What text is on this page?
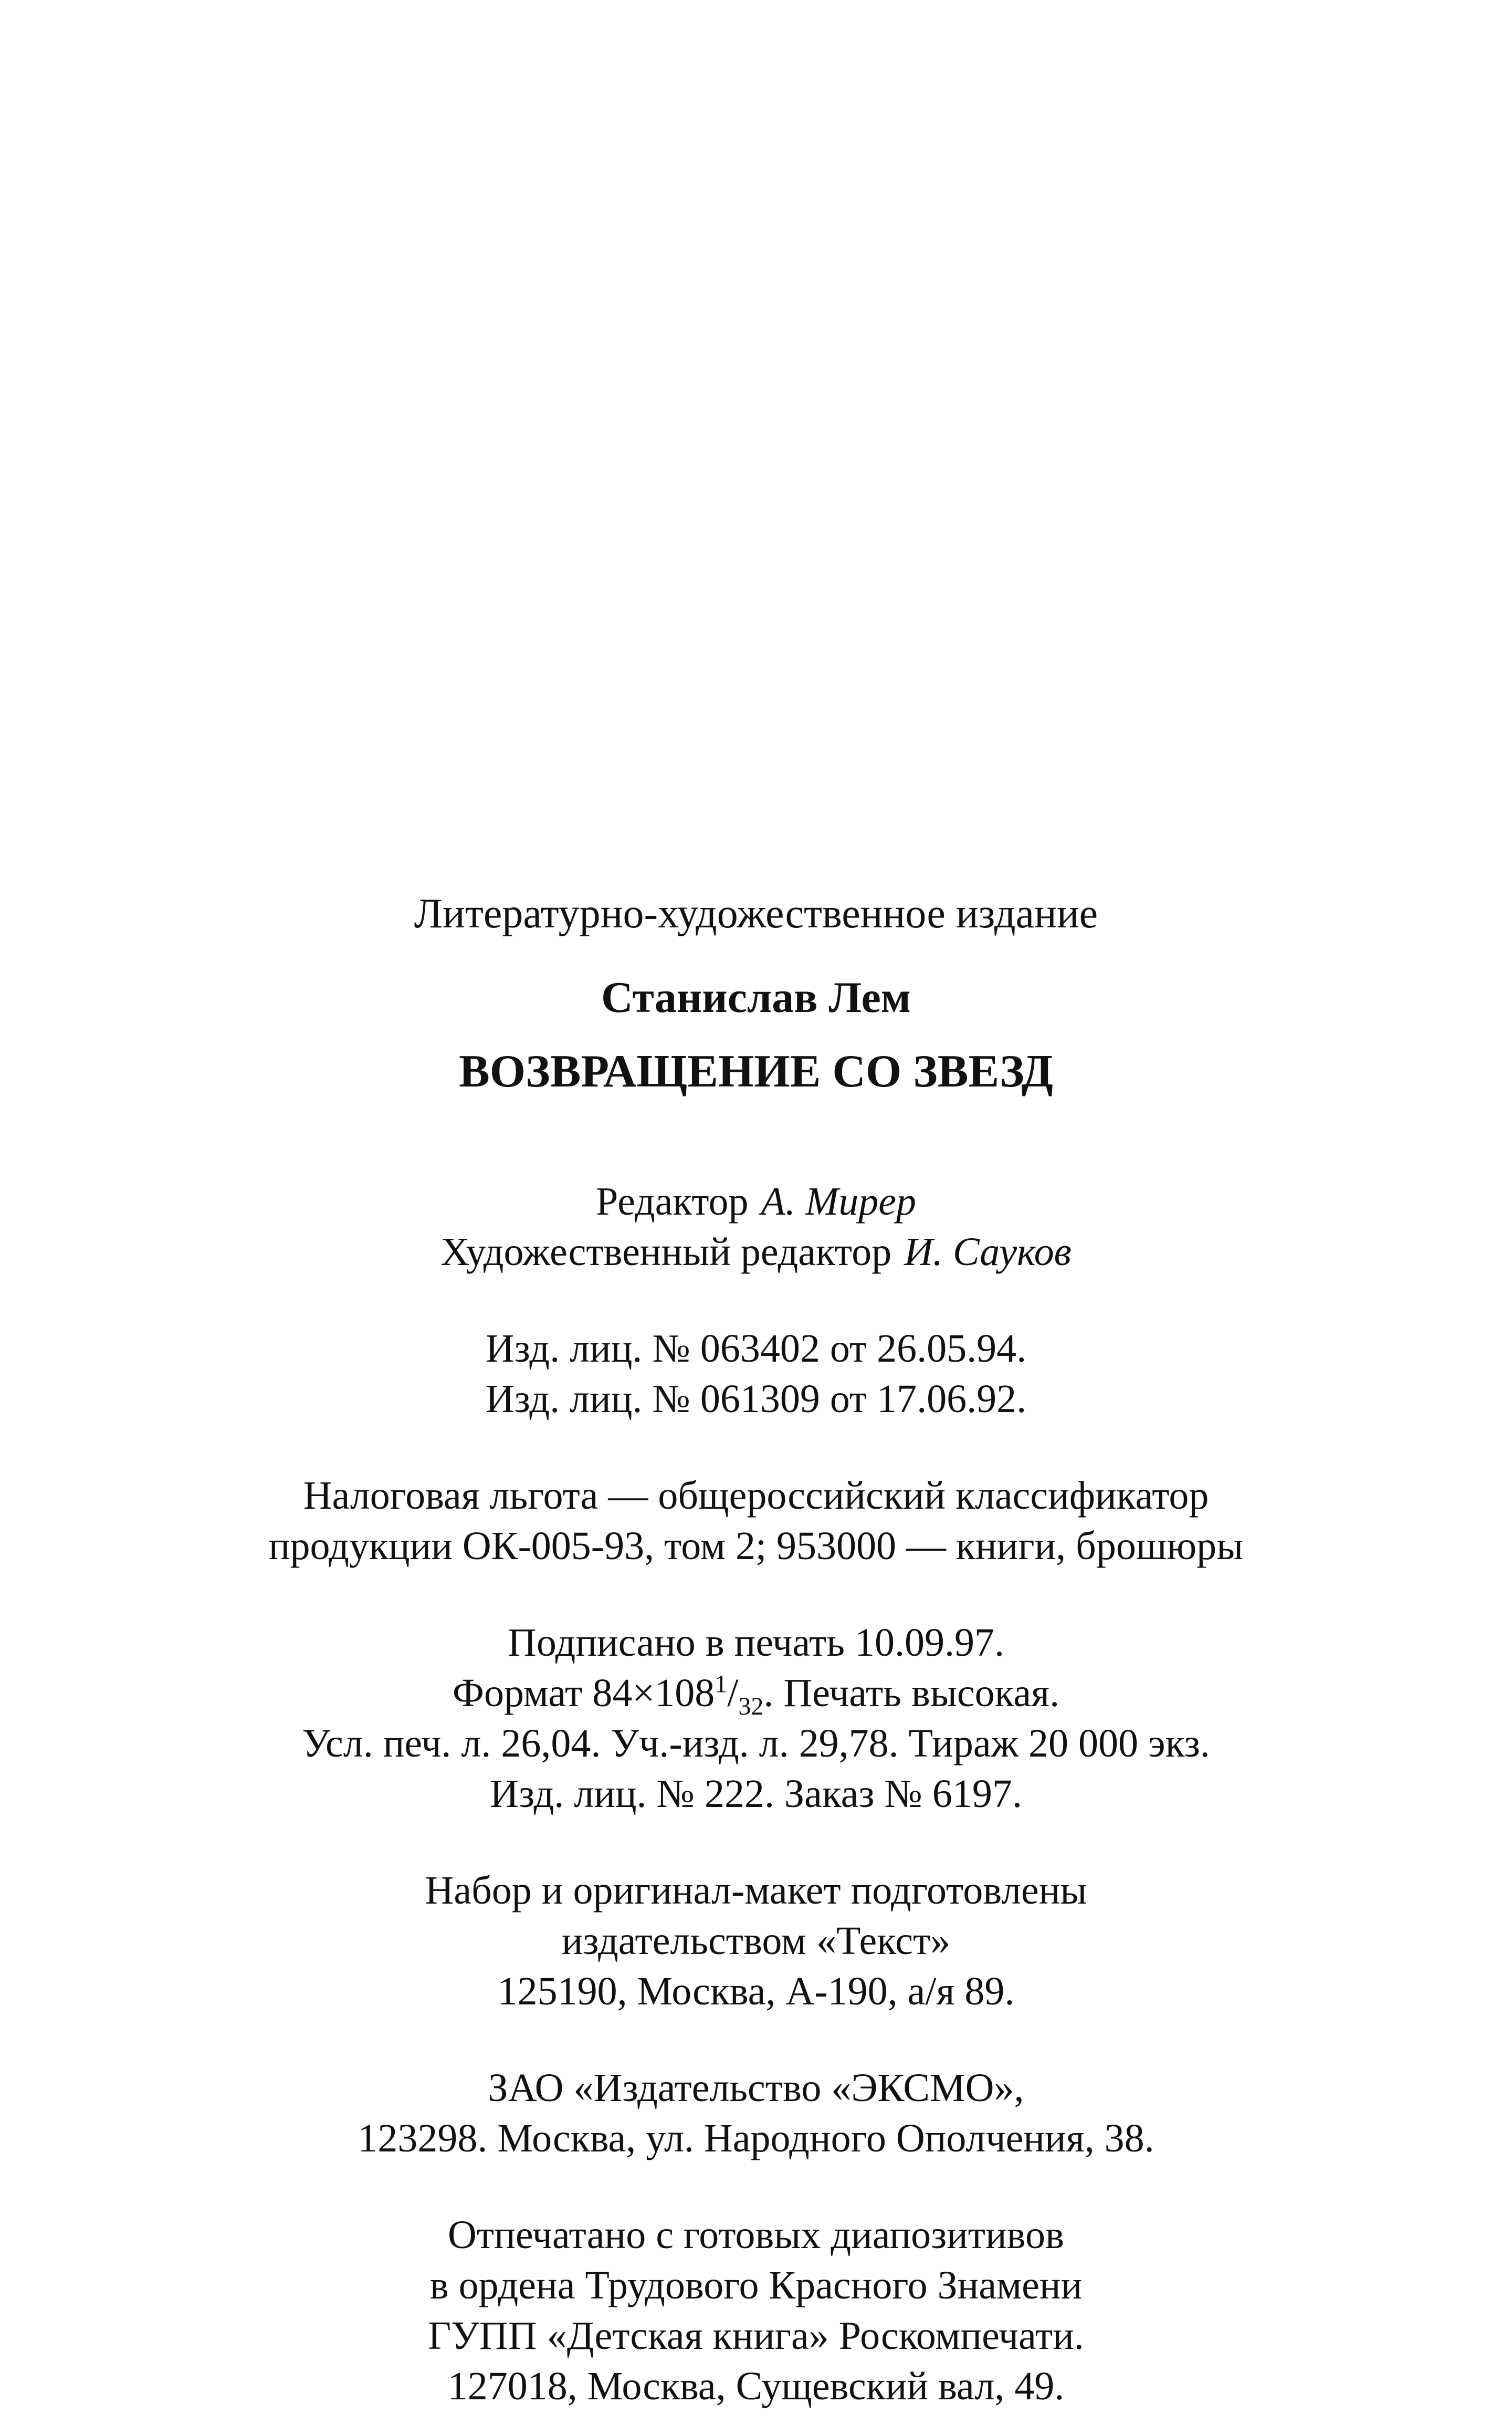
Литературно-художественное издание
Станислав Лем
ВОЗВРАЩЕНИЕ СО ЗВЕЗД
Редактор А. Мирер
Художественный редактор И. Сауков
Изд. лиц. № 063402 от 26.05.94.
Изд. лиц. № 061309 от 17.06.92.
Налоговая льгота — общероссийский классификатор
продукции ОК-005-93, том 2; 953000 — книги, брошюры
Подписано в печать 10.09.97.
Формат $84\times 108^1/_{32}$. Печать высокая.
Усл. печ. л. 26,04. Уч.-изд. л. 29,78. Тираж 20 000 экз.
Изд. лиц. № 222. Заказ № 6197.
Набор и оригинал-макет подготовлены
издательством «Текст»
125190, Москва, А-190, а/я 89.
ЗАО «Издательство «ЭКСМО»,
123298. Москва, ул. Народного Ополчения, 38.
Отпечатано с готовых диапозитивов
в ордена Трудового Красного Знамени
ГУПП «Детская книга» Роскомпечати.
127018, Москва, Сущевский вал, 49.
